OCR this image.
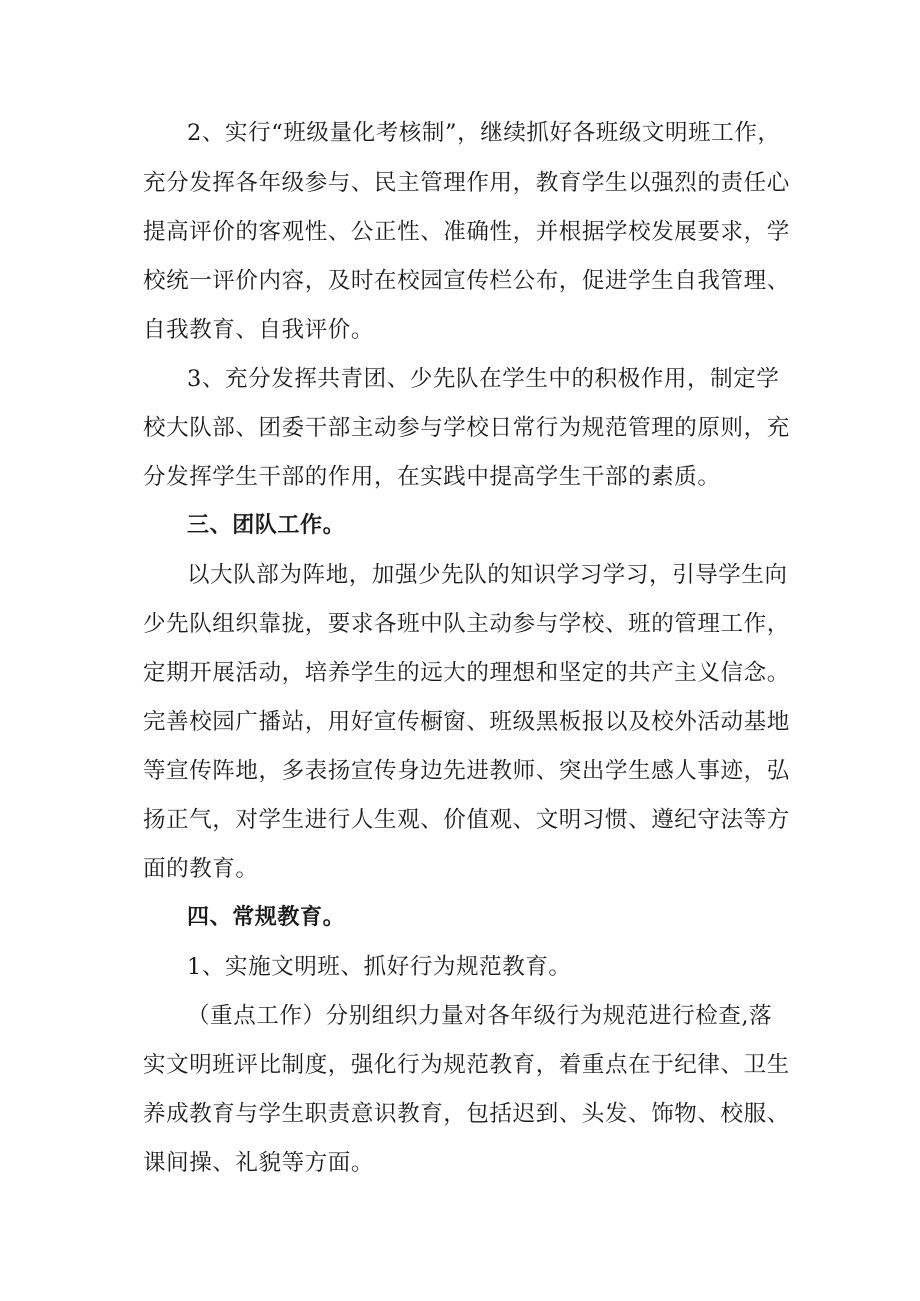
2、实行“班级量化考核制”，继续抓好各班级文明班工作，
充分发挥各年级参与、民主管理作用，教育学生以强烈的责任心
提高评价的客观性、公正性、准确性，并根据学校发展要求，学
校统一评价内容，及时在校园宣传栏公布，促进学生自我管理、
自我教育、自我评价。
3、充分发挥共青团、少先队在学生中的积极作用，制定学
校大队部、团委干部主动参与学校日常行为规范管理的原则，充
分发挥学生干部的作用，在实践中提高学生干部的素质。
三、团队工作。
以大队部为阵地，加强少先队的知识学习学习，引导学生向
少先队组织靠拢，要求各班中队主动参与学校、班的管理工作，
定期开展活动，培养学生的远大的理想和坚定的共产主义信念。
完善校园广播站，用好宣传橱窗、班级黑板报以及校外活动基地
等宣传阵地，多表扬宣传身边先进教师、突出学生感人事迹，弘
扬正气，对学生进行人生观、价值观、文明习惯、遵纪守法等方
面的教育。
四、常规教育。
1、实施文明班、抓好行为规范教育。
（重点工作）分别组织力量对各年级行为规范进行检查,落
实文明班评比制度，强化行为规范教育，着重点在于纪律、卫生
养成教育与学生职责意识教育，包括迟到、头发、饰物、校服、
课间操、礼貌等方面。
